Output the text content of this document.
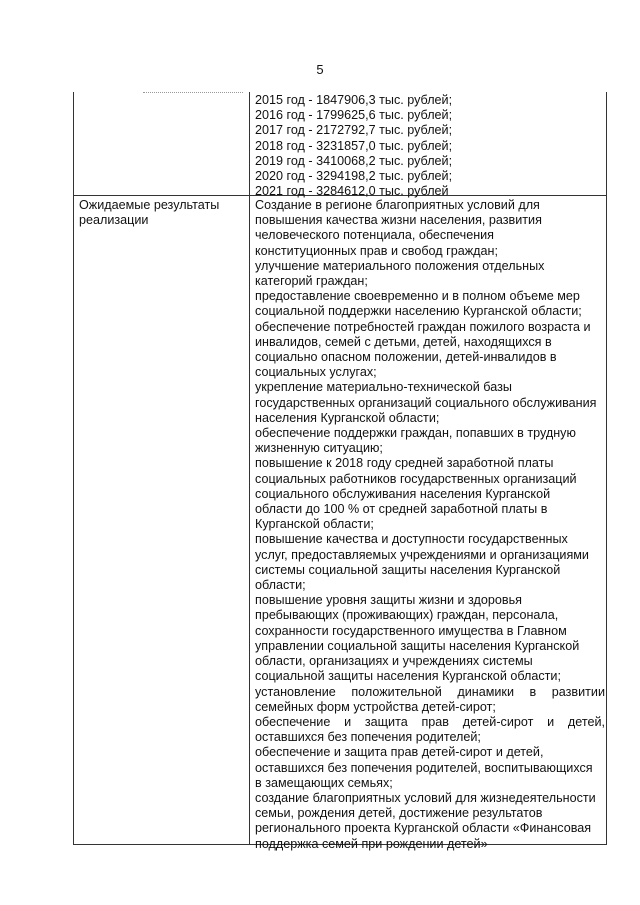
5
2015 год - 1847906,3 тыс. рублей;
2016 год - 1799625,6 тыс. рублей;
2017 год - 2172792,7 тыс. рублей;
2018 год - 3231857,0 тыс. рублей;
2019 год - 3410068,2 тыс. рублей;
2020 год - 3294198,2 тыс. рублей;
2021 год - 3284612,0 тыс. рублей
Ожидаемые результаты
реализации
Создание в регионе благоприятных условий для
повышения качества жизни населения, развития
человеческого потенциала, обеспечения
конституционных прав и свобод граждан;
улучшение материального положения отдельных
категорий граждан;
предоставление своевременно и в полном объеме мер
социальной поддержки населению Курганской области;
обеспечение потребностей граждан пожилого возраста и
инвалидов, семей с детьми, детей, находящихся в
социально опасном положении, детей-инвалидов в
социальных услугах;
укрепление материально-технической базы
государственных организаций социального обслуживания
населения Курганской области;
обеспечение поддержки граждан, попавших в трудную
жизненную ситуацию;
повышение к 2018 году средней заработной платы
социальных работников государственных организаций
социального обслуживания населения Курганской
области до 100 % от средней заработной платы в
Курганской области;
повышение качества и доступности государственных
услуг, предоставляемых учреждениями и организациями
системы социальной защиты населения Курганской
области;
повышение уровня защиты жизни и здоровья
пребывающих (проживающих) граждан, персонала,
сохранности государственного имущества в Главном
управлении социальной защиты населения Курганской
области, организациях и учреждениях системы
социальной защиты населения Курганской области;
установление положительной динамики в развитии
семейных форм устройства детей-сирот;
обеспечение и защита прав детей-сирот и детей,
оставшихся без попечения родителей;
обеспечение и защита прав детей-сирот и детей,
оставшихся без попечения родителей, воспитывающихся
в замещающих семьях;
создание благоприятных условий для жизнедеятельности
семьи, рождения детей, достижение результатов
регионального проекта Курганской области «Финансовая
поддержка семей при рождении детей»
